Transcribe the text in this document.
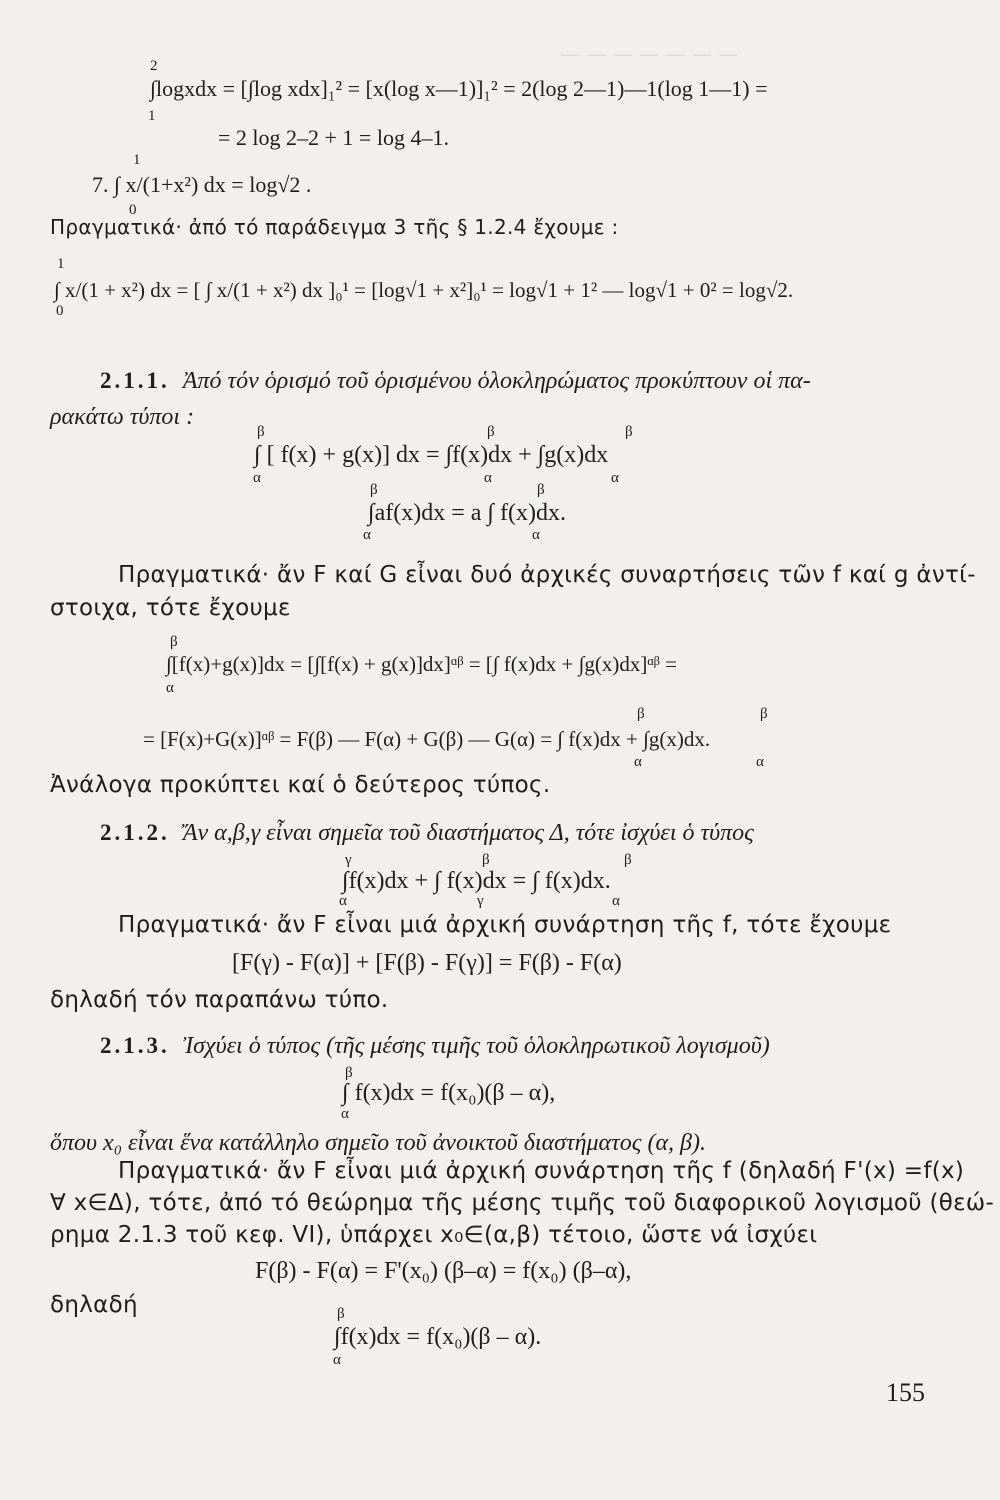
— — — — — — —
2
∫logxdx = [∫log xdx]₁² = [x(log x—1)]₁² = 2(log 2—1)—1(log 1—1) =
1
= 2 log 2–2 + 1 = log 4–1.
1
7. ∫ x/(1+x²) dx = log√2 .
0
Πραγματικά· ἀπό τό παράδειγμα 3 τῆς § 1.2.4 ἔχουμε :
1
∫ x/(1 + x²) dx = [ ∫ x/(1 + x²) dx ]₀¹ = [log√1 + x²]₀¹ = log√1 + 1² — log√1 + 0² = log√2.
0
2.1.1. Ἀπό τόν ὁρισμό τοῦ ὁρισμένου ὁλοκληρώματος προκύπτουν οἱ πα-
ρακάτω τύποι :
β	β	β
∫ [ f(x) + g(x)] dx = ∫f(x)dx + ∫g(x)dx
α	α	α
β	β
∫af(x)dx = a ∫ f(x)dx.
α	α
Πραγματικά· ἄν F καί G εἶναι δυό ἀρχικές συναρτήσεις τῶν f καί g ἀντί-
στοιχα, τότε ἔχουμε
β
∫[f(x)+g(x)]dx = [∫[f(x) + g(x)]dx]ᵅᵝ = [∫ f(x)dx + ∫g(x)dx]ᵅᵝ =
α
β	β
= [F(x)+G(x)]ᵅᵝ = F(β) — F(α) + G(β) — G(α) = ∫ f(x)dx + ∫g(x)dx.
α	α
Ἀνάλογα προκύπτει καί ὁ δεύτερος τύπος.
2.1.2. Ἄν α,β,γ εἶναι σημεῖα τοῦ διαστήματος Δ, τότε ἰσχύει ὁ τύπος
γ	β	β
∫f(x)dx + ∫ f(x)dx = ∫ f(x)dx.
α	γ	α
Πραγματικά· ἄν F εἶναι μιά ἀρχική συνάρτηση τῆς f, τότε ἔχουμε
[F(γ) - F(α)] + [F(β) - F(γ)] = F(β) - F(α)
δηλαδή τόν παραπάνω τύπο.
2.1.3. Ἰσχύει ὁ τύπος (τῆς μέσης τιμῆς τοῦ ὁλοκληρωτικοῦ λογισμοῦ)
β
∫ f(x)dx = f(x₀)(β – α),
α
ὅπου x₀ εἶναι ἕνα κατάλληλο σημεῖο τοῦ ἀνοικτοῦ διαστήματος (α, β).
Πραγματικά· ἄν F εἶναι μιά ἀρχική συνάρτηση τῆς f (δηλαδή F'(x) =f(x)
∀ x∈Δ), τότε, ἀπό τό θεώρημα τῆς μέσης τιμῆς τοῦ διαφορικοῦ λογισμοῦ (θεώ-
ρημα 2.1.3 τοῦ κεφ. VI), ὑπάρχει x₀∈(α,β) τέτοιο, ὥστε νά ἰσχύει
F(β) - F(α) = F'(x₀) (β–α) = f(x₀) (β–α),
δηλαδή	β
∫f(x)dx = f(x₀)(β – α).
α
155
